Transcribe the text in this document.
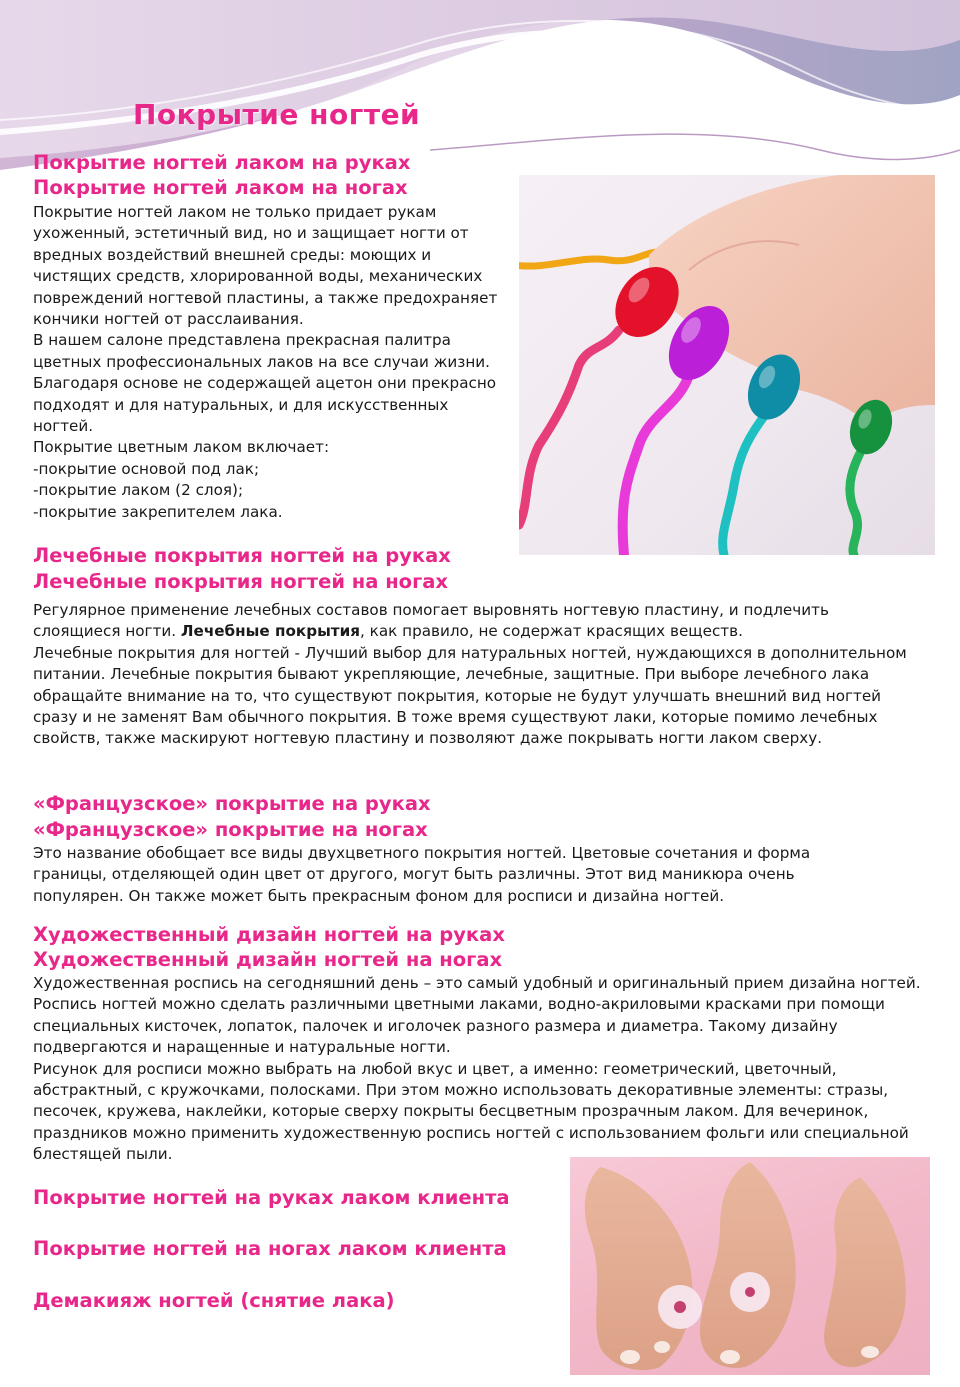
Покрытие ногтей
Покрытие ногтей лаком на руках
Покрытие ногтей лаком на ногах

Покрытие ногтей лаком не только придает рукам

ухоженный, эстетичный вид, но и защищает ногти от

вредных воздействий внешней среды: моющих и

чистящих средств, хлорированной воды, механических

повреждений ногтевой пластины, а также предохраняет

кончики ногтей от расслаивания.

В нашем салоне представлена прекрасная палитра

цветных профессиональных лаков на все случаи жизни.

Благодаря основе не содержащей ацетон они прекрасно

подходят и для натуральных, и для искусственных

ногтей.

Покрытие цветным лаком включает:

-покрытие основой под лак;

-покрытие лаком (2 слоя);

-покрытие закрепителем лака.

Лечебные покрытия ногтей на руках
Лечебные покрытия ногтей на ногах

Регулярное применение лечебных составов помогает выровнять ногтевую пластину, и подлечить слоящиеся ногти. Лечебные покрытия, как правило, не содержат красящих веществ.

Лечебные покрытия для ногтей - Лучший выбор для натуральных ногтей, нуждающихся в дополнительном питании. Лечебные покрытия бывают укрепляющие, лечебные, защитные. При выборе лечебного лака обращайте внимание на то, что существуют покрытия, которые не будут улучшать внешний вид ногтей сразу и не заменят Вам обычного покрытия. В тоже время существуют лаки, которые помимо лечебных свойств, также маскируют ногтевую пластину и позволяют даже покрывать ногти лаком сверху.

«Французское» покрытие на руках
«Французское» покрытие на ногах

Это название обобщает все виды двухцветного покрытия ногтей. Цветовые сочетания и форма границы, отделяющей один цвет от другого, могут быть различны. Этот вид маникюра очень популярен. Он также может быть прекрасным фоном для росписи и дизайна ногтей.

Художественный дизайн ногтей на руках
Художественный дизайн ногтей на ногах

Художественная роспись на сегодняшний день – это самый удобный и оригинальный прием дизайна ногтей. Роспись ногтей можно сделать различными цветными лаками, водно-акриловыми красками при помощи специальных кисточек, лопаток, палочек и иголочек разного размера и диаметра. Такому дизайну подвергаются и наращенные и натуральные ногти.

Рисунок для росписи можно выбрать на любой вкус и цвет, а именно: геометрический, цветочный, абстрактный, с кружочками, полосками. При этом можно использовать декоративные элементы: стразы, песочек, кружева, наклейки, которые сверху покрыты бесцветным прозрачным лаком. Для вечеринок, праздников можно применить художественную роспись ногтей с использованием фольги или специальной блестящей пыли.

Покрытие ногтей на руках лаком клиента
Покрытие ногтей на ногах лаком клиента
Демакияж ногтей (снятие лака)
